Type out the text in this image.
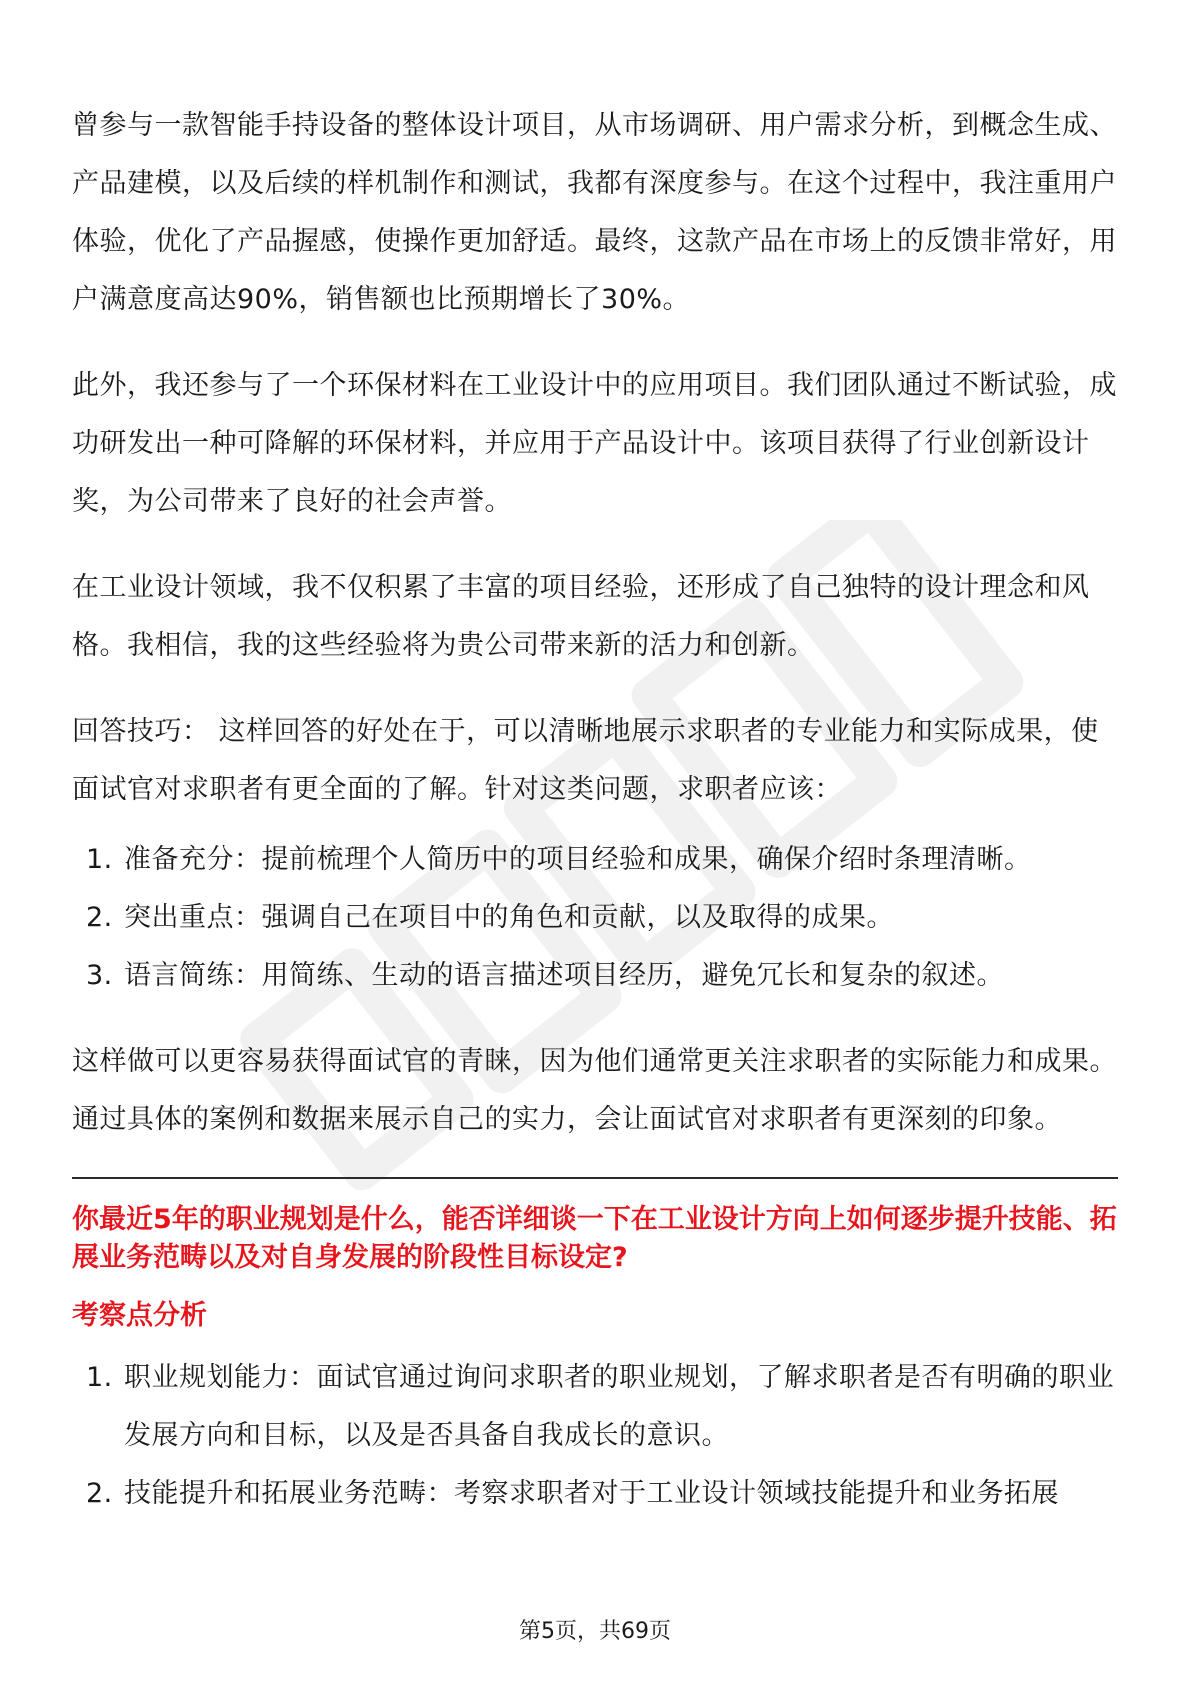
曾参与一款智能手持设备的整体设计项目，从市场调研、用户需求分析，到概念生成、产品建模，以及后续的样机制作和测试，我都有深度参与。在这个过程中，我注重用户体验，优化了产品握感，使操作更加舒适。最终，这款产品在市场上的反馈非常好，用户满意度高达90%，销售额也比预期增长了30%。

此外，我还参与了一个环保材料在工业设计中的应用项目。我们团队通过不断试验，成功研发出一种可降解的环保材料，并应用于产品设计中。该项目获得了行业创新设计奖，为公司带来了良好的社会声誉。

在工业设计领域，我不仅积累了丰富的项目经验，还形成了自己独特的设计理念和风格。我相信，我的这些经验将为贵公司带来新的活力和创新。

回答技巧： 这样回答的好处在于，可以清晰地展示求职者的专业能力和实际成果，使面试官对求职者有更全面的了解。针对这类问题，求职者应该：

1. 准备充分：提前梳理个人简历中的项目经验和成果，确保介绍时条理清晰。
2. 突出重点：强调自己在项目中的角色和贡献，以及取得的成果。
3. 语言简练：用简练、生动的语言描述项目经历，避免冗长和复杂的叙述。

这样做可以更容易获得面试官的青睐，因为他们通常更关注求职者的实际能力和成果。通过具体的案例和数据来展示自己的实力，会让面试官对求职者有更深刻的印象。

你最近5年的职业规划是什么，能否详细谈一下在工业设计方向上如何逐步提升技能、拓展业务范畴以及对自身发展的阶段性目标设定?
考察点分析
1. 职业规划能力：面试官通过询问求职者的职业规划，了解求职者是否有明确的职业发展方向和目标，以及是否具备自我成长的意识。
2. 技能提升和拓展业务范畴：考察求职者对于工业设计领域技能提升和业务拓展
第5页，共69页
